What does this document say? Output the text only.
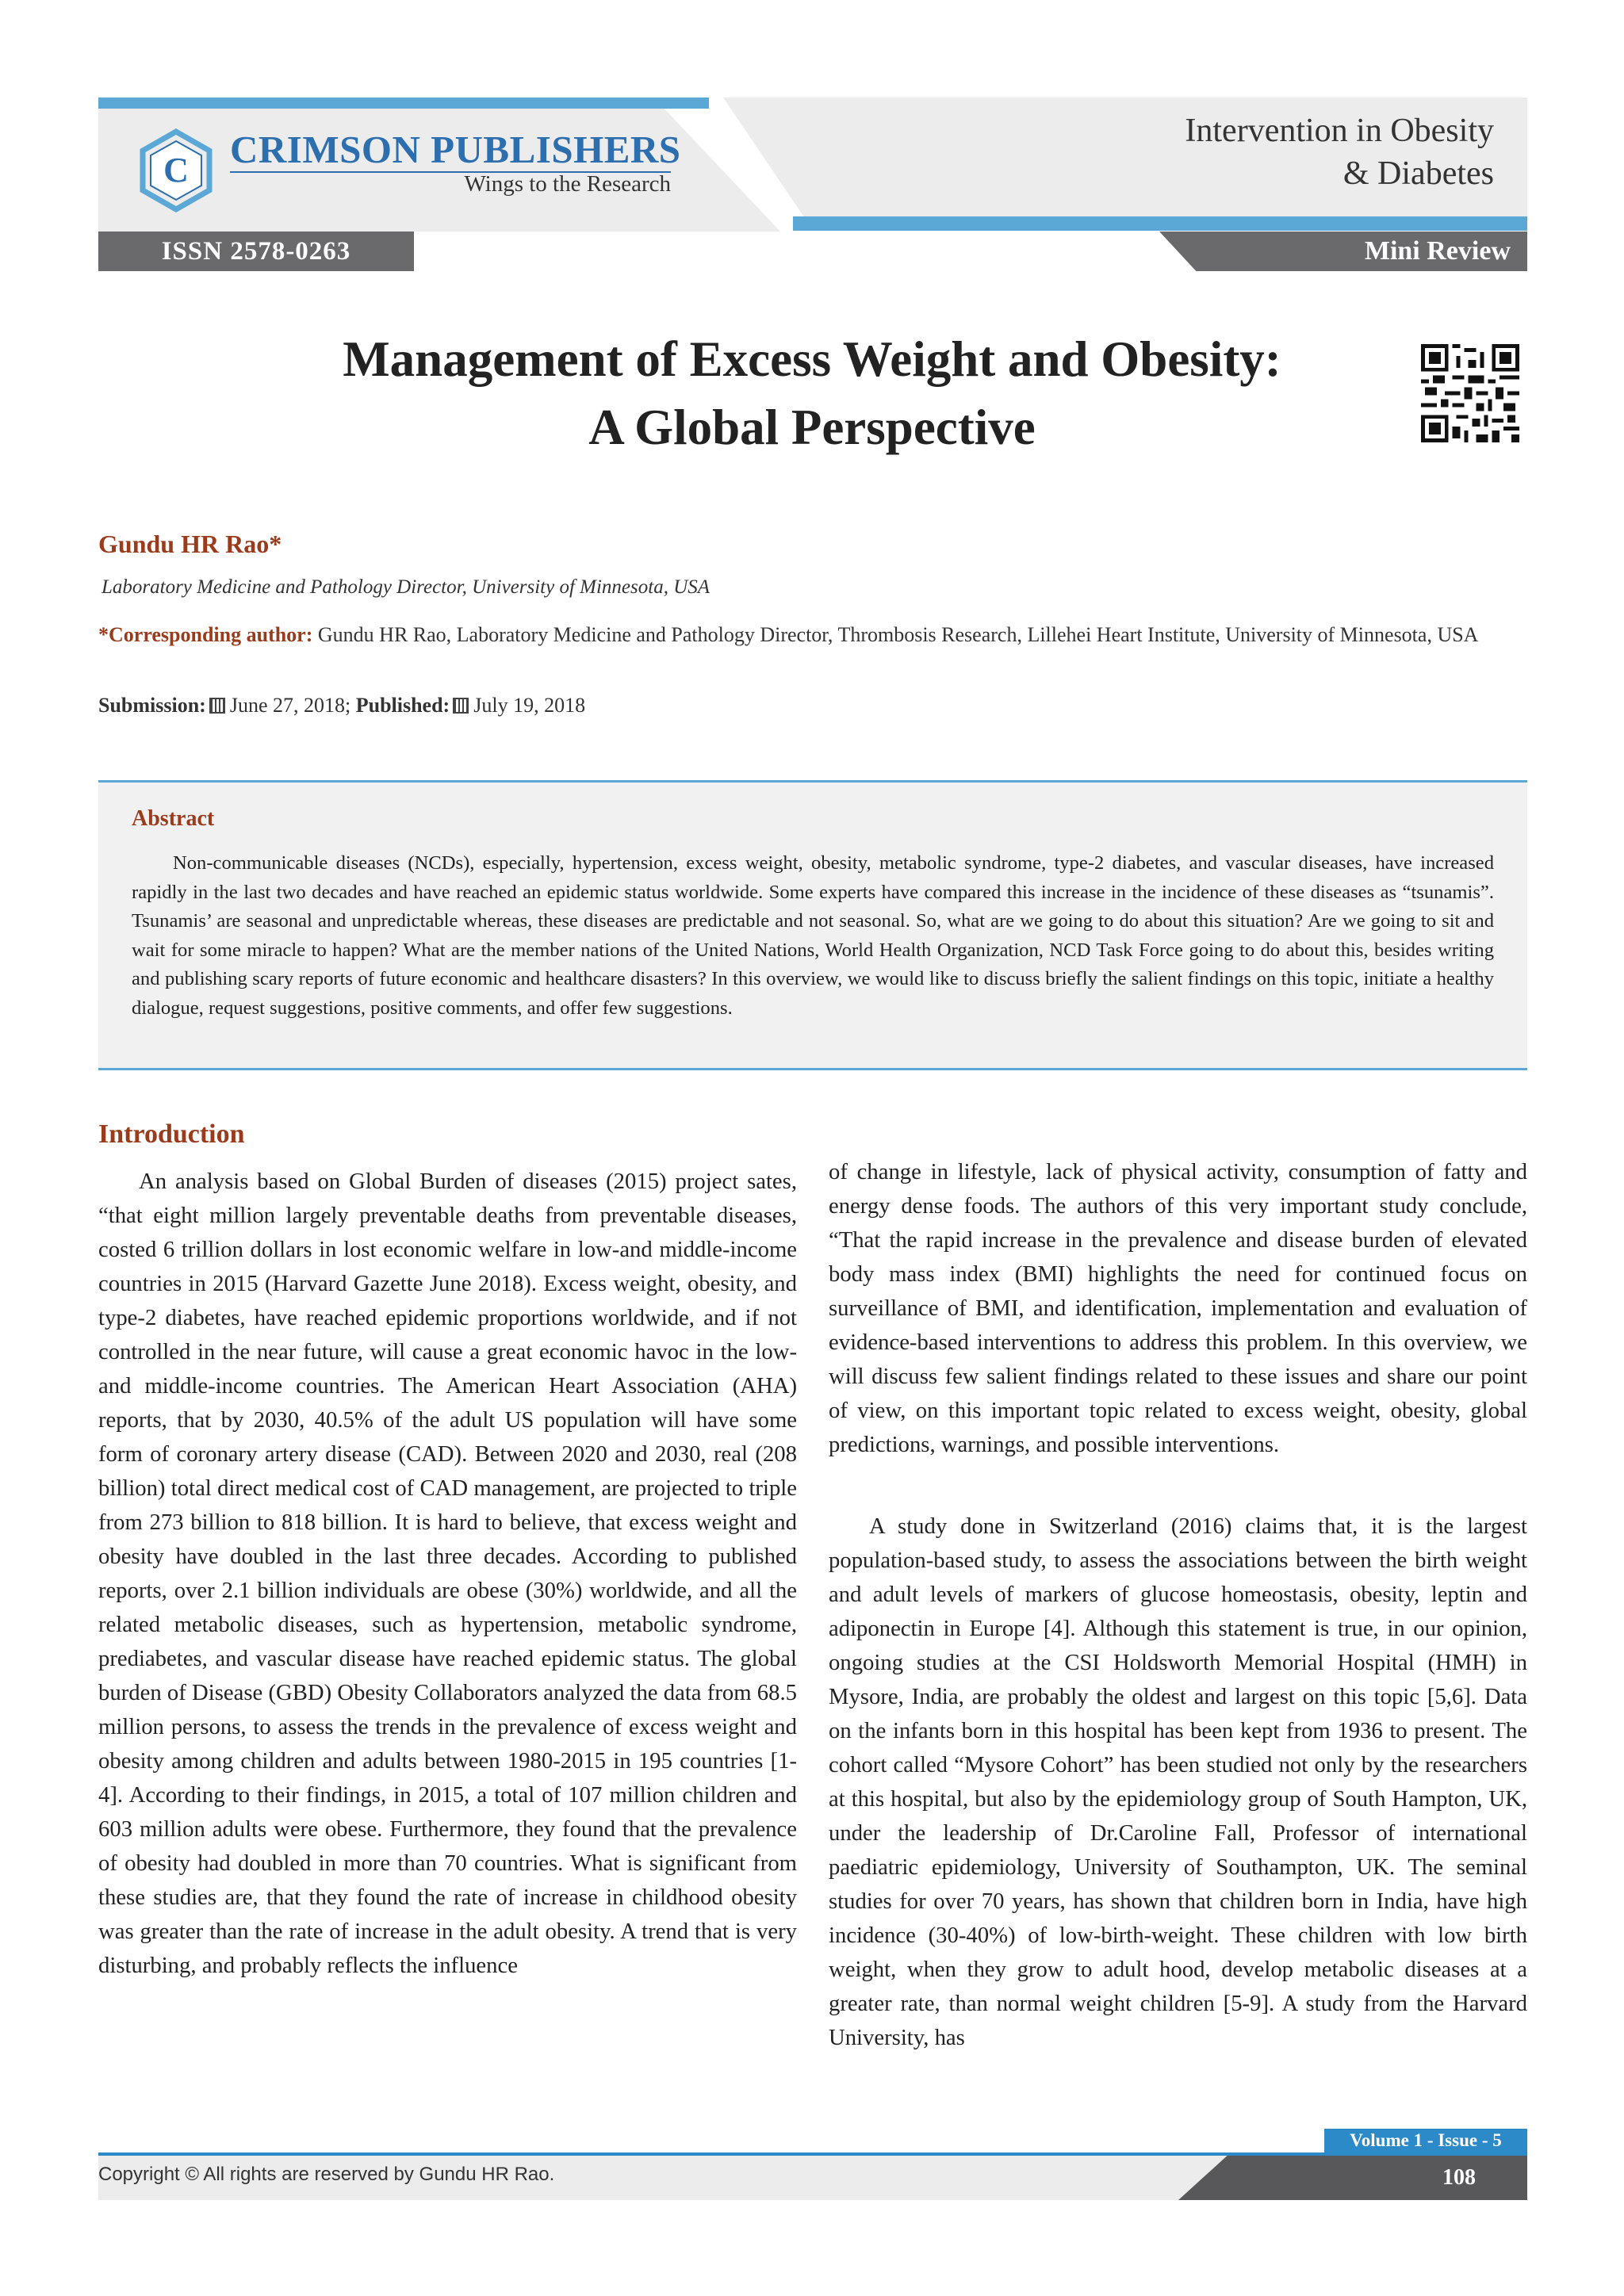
C CRIMSON PUBLISHERS
Wings to the Research
Intervention in Obesity
& Diabetes
ISSN 2578-0263	Mini Review
Management of Excess Weight and Obesity:
A Global Perspective
Gundu HR Rao*
Laboratory Medicine and Pathology Director, University of Minnesota, USA
*Corresponding author: Gundu HR Rao, Laboratory Medicine and Pathology Director, Thrombosis Research, Lillehei Heart Institute, University of Minnesota, USA
Submission: June 27, 2018; Published: July 19, 2018
Abstract
Non-communicable diseases (NCDs), especially, hypertension, excess weight, obesity, metabolic syndrome, type-2 diabetes, and vascular diseases, have increased rapidly in the last two decades and have reached an epidemic status worldwide. Some experts have compared this increase in the incidence of these diseases as “tsunamis”. Tsunamis’ are seasonal and unpredictable whereas, these diseases are predictable and not seasonal. So, what are we going to do about this situation? Are we going to sit and wait for some miracle to happen? What are the member nations of the United Nations, World Health Organization, NCD Task Force going to do about this, besides writing and publishing scary reports of future economic and healthcare disasters? In this overview, we would like to discuss briefly the salient findings on this topic, initiate a healthy dialogue, request suggestions, positive comments, and offer few suggestions.
Introduction
An analysis based on Global Burden of diseases (2015) project sates, “that eight million largely preventable deaths from preventable diseases, costed 6 trillion dollars in lost economic welfare in low-and middle-income countries in 2015 (Harvard Gazette June 2018). Excess weight, obesity, and type-2 diabetes, have reached epidemic proportions worldwide, and if not controlled in the near future, will cause a great economic havoc in the low-and middle-income countries. The American Heart Association (AHA) reports, that by 2030, 40.5% of the adult US population will have some form of coronary artery disease (CAD). Between 2020 and 2030, real (208 billion) total direct medical cost of CAD management, are projected to triple from 273 billion to 818 billion. It is hard to believe, that excess weight and obesity have doubled in the last three decades. According to published reports, over 2.1 billion individuals are obese (30%) worldwide, and all the related metabolic diseases, such as hypertension, metabolic syndrome, prediabetes, and vascular disease have reached epidemic status. The global burden of Disease (GBD) Obesity Collaborators analyzed the data from 68.5 million persons, to assess the trends in the prevalence of excess weight and obesity among children and adults between 1980-2015 in 195 countries [1-4]. According to their findings, in 2015, a total of 107 million children and 603 million adults were obese. Furthermore, they found that the prevalence of obesity had doubled in more than 70 countries. What is significant from these studies are, that they found the rate of increase in childhood obesity was greater than the rate of increase in the adult obesity. A trend that is very disturbing, and probably reflects the influence
of change in lifestyle, lack of physical activity, consumption of fatty and energy dense foods. The authors of this very important study conclude, “That the rapid increase in the prevalence and disease burden of elevated body mass index (BMI) highlights the need for continued focus on surveillance of BMI, and identification, implementation and evaluation of evidence-based interventions to address this problem. In this overview, we will discuss few salient findings related to these issues and share our point of view, on this important topic related to excess weight, obesity, global predictions, warnings, and possible interventions.
A study done in Switzerland (2016) claims that, it is the largest population-based study, to assess the associations between the birth weight and adult levels of markers of glucose homeostasis, obesity, leptin and adiponectin in Europe [4]. Although this statement is true, in our opinion, ongoing studies at the CSI Holdsworth Memorial Hospital (HMH) in Mysore, India, are probably the oldest and largest on this topic [5,6]. Data on the infants born in this hospital has been kept from 1936 to present. The cohort called “Mysore Cohort” has been studied not only by the researchers at this hospital, but also by the epidemiology group of South Hampton, UK, under the leadership of Dr.Caroline Fall, Professor of international paediatric epidemiology, University of Southampton, UK. The seminal studies for over 70 years, has shown that children born in India, have high incidence (30-40%) of low-birth-weight. These children with low birth weight, when they grow to adult hood, develop metabolic diseases at a greater rate, than normal weight children [5-9]. A study from the Harvard University, has
Volume 1 - Issue - 5
108
Copyright © All rights are reserved by Gundu HR Rao.
